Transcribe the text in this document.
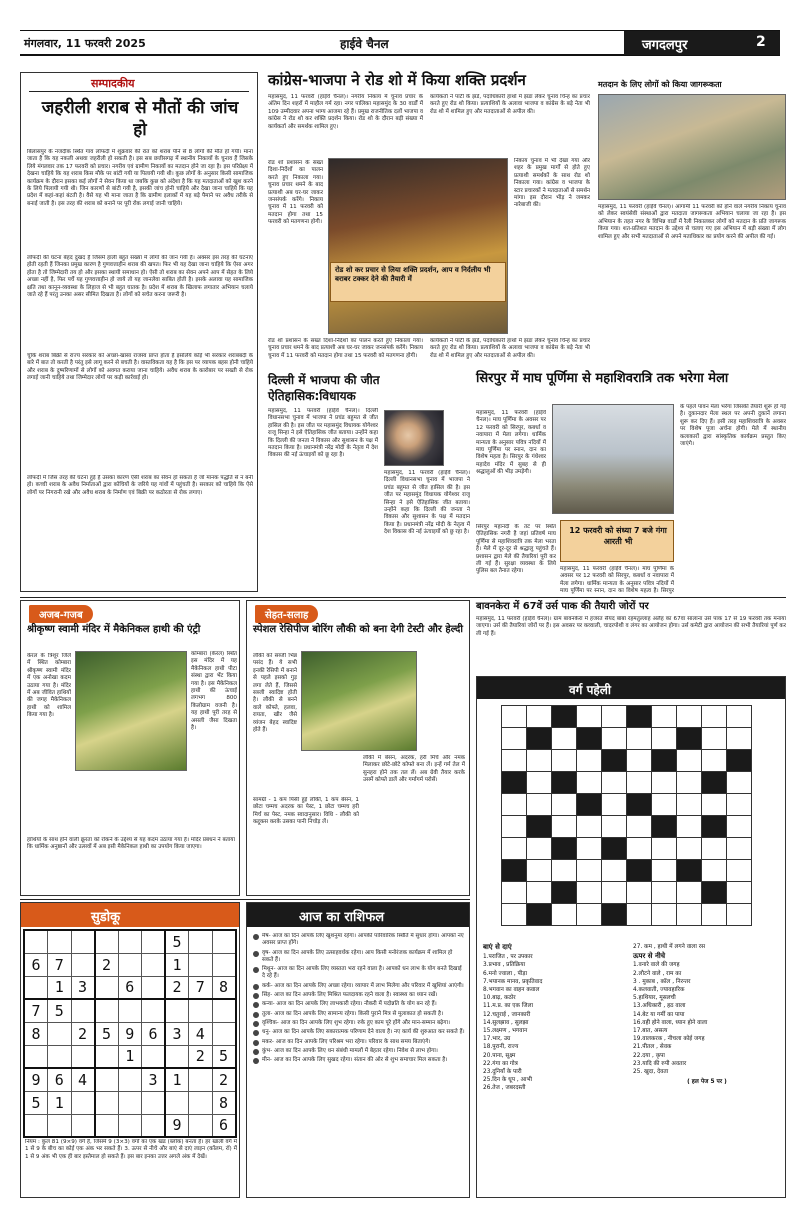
मंगलवार, 11 फरवरी 2025	हाईवे चैनल	जगदलपुर	2
सम्पादकीय
जहरीली शराब से मौतों की जांच हो
बिलासपुर के नजदीक स्थित गांव लोफंदी में शुक्रवार की रात को शराब पीने से 8 लोगों की मौत हो गयी। माना जाता है कि यह नकली अथवा जहरीली हो सकती है। इस सब छत्तीसगढ़ में स्थानीय निकायों के चुनाव हैं जिसके लिये मंगलवार तक 17 फरवरी को प्रचार। नगरीय एवं ग्रामीण निकायों का मतदान होने जा रहा है। इस परिप्रेक्ष्य में देखना चाहिये कि यह शराब किस मौके पर बांटी गयी या पिलायी गयी थी। कुछ लोगों के अनुसार किसी सामाजिक कार्यक्रम के दौरान इसका कई लोगों ने सेवन किया था जबकि कुछ को अंदेशा है कि यह मतदाताओं को खुश करने के लिये पिलायी गयी थी। जिन कारणों से बांटी गयी है, इसकी जांच होनी चाहिये और देखा जाना चाहिये कि यह प्रदेश में कहां-कहां बंटती है। वैसे यह भी माना जाता है कि ग्रामीण इलाकों में यह बड़े पैमाने पर अवैध तरीके से बनाई जाती है। इस तरह की शराब को बनाने पर पूरी रोक लगाई जानी चाहिये।
लोफंदी की घटना बेहद दुखद है जिसमें हाली बहुत संख्या में लोगों की जान गयी है। अक्सर इस तरह की घटनाएं होती रहती हैं जिनका प्रमुख कारण है गुणवत्ताहीन शराब की खपत। फिर भी यह देखा जाना चाहिये कि ऐसा अगर होता है तो जिम्मेदारी तय हो और इसका स्थायी समाधान हो। ऐसी तो शराब का सेवन अपने आप में सेहत के लिये अच्छा नहीं है, फिर पर्चे यह गुणवत्ताहीन हो जाये तो यह जानलेवा साबित होती है। इसके अलावा यह सामाजिक क्षति तथा कानून-व्यवस्था के लिहाज से भी बहुत घातक है। प्रदेश में शराब के खिलाफ लगातार अभियान चलाये जाते रहे हैं परंतु उनका असर सीमित दिखता है। लोगों को सचेत करना जरूरी है।
चूंकि शराब बिक्री से राज्य सरकार को अच्छा-खासा राजस्व प्राप्त होता है इसलिये कोई भी सरकार शराबबंदी के बारे में बात तो करती है परंतु इसे लागू करने से बचती है। वास्तविकता यह है कि इस पर व्यापक बहस होनी चाहिये और शराब के दुष्परिणामों से लोगों को अवगत कराया जाना चाहिये। अवैध शराब के कारोबार पर सख्ती से रोक लगाई जानी चाहिये तथा जिम्मेदार लोगों पर कड़ी कार्रवाई हो।
लोफंदी में जिस तरह की घटना हुई है उसका कारण ऐसी शराब का सेवन हो सकता है जो मानक पद्धति से न बनी हो। कच्ची शराब के अवैध निर्माताओं द्वारा कोचियों के जरिये यह गांवों में पहुंचती है। सरकार को चाहिये कि ऐसे लोगों पर निगरानी रखे और अवैध शराब के निर्माण एवं बिक्री पर कठोरता से रोक लगाए।
कांग्रेस-भाजपा ने रोड शो में किया शक्ति प्रदर्शन
महासमुंद, 11 फरवरी (हाईवे चैनल)। नगरीय निकाय में चुनाव प्रचार के अंतिम दिन शहरों में माहौल गर्म रहा। नगर पालिका महासमुंद के 30 वार्डों में 109 उम्मीदवार अपना भाग्य आजमा रहे हैं। प्रमुख राजनीतिक दलों भाजपा व कांग्रेस ने रोड शो कर शक्ति प्रदर्शन किया। रोड शो के दौरान बड़ी संख्या में कार्यकर्ता और समर्थक शामिल हुए।
कार्यकर्ता ने पार्टी के झंडे, पदाधिकारी हाथों में झंडा लेकर चुनाव चिन्ह का प्रचार करते हुए रोड शो किया। प्रत्याशियों के अलावा भाजपा व कांग्रेस के बड़े नेता भी रोड शो में शामिल हुए और मतदाताओं से अपील की।
रोड शो प्रशासन के सख्त दिशा-निर्देशों का पालन करते हुए निकाला गया। चुनाव प्रचार थमने के बाद प्रत्याशी अब घर-घर जाकर जनसंपर्क करेंगे। निकाय चुनाव में 11 फरवरी को मतदान होगा तथा 15 फरवरी को मतगणना होगी।
निकाय चुनाव में भी देखा गया और शहर के प्रमुख मार्गों से होते हुए प्रत्याशी समर्थकों के साथ रोड शो निकाला गया। कांग्रेस व भाजपा के स्टार प्रचारकों ने मतदाताओं से समर्थन मांगा। इस दौरान भीड़ ने जमकर नारेबाजी की।
रोड शो कर प्रचार से लिया शक्ति प्रदर्शन, आप व निर्दलीय भी बराबर टक्कर देने की तैयारी में
कार्यकर्ता ने पार्टी के झंडे, पदाधिकारी हाथों में झंडा लेकर चुनाव चिन्ह का प्रचार करते हुए रोड शो किया। प्रत्याशियों के अलावा भाजपा व कांग्रेस के बड़े नेता भी रोड शो में शामिल हुए और मतदाताओं से अपील की।
रोड शो प्रशासन के सख्त दिशा-निर्देशों का पालन करते हुए निकाला गया। चुनाव प्रचार थमने के बाद प्रत्याशी अब घर-घर जाकर जनसंपर्क करेंगे। निकाय चुनाव में 11 फरवरी को मतदान होगा तथा 15 फरवरी को मतगणना होगी।
मतदान के लिए लोगों को किया जागरूकता
महासमुंद, 11 फरवरी (हाईवे चैनल)। आगामी 11 फरवरी को होने वाले नगरीय निकाय चुनाव को लेकर स्वयंसेवी संस्थाओं द्वारा मतदाता जागरूकता अभियान चलाया जा रहा है। इस अभियान के तहत नगर के विभिन्न वार्डों में रैली निकालकर लोगों को मतदान के प्रति जागरूक किया गया। शत-प्रतिशत मतदान के उद्देश्य से चलाए गए इस अभियान में बड़ी संख्या में लोग शामिल हुए और सभी मतदाताओं से अपने मताधिकार का प्रयोग करने की अपील की गई।
दिल्ली में भाजपा की जीत ऐतिहासिक:विधायक
महासमुंद, 11 फरवरी (हाईवे चैनल)। दिल्ली विधानसभा चुनाव में भाजपा ने प्रचंड बहुमत से जीत हासिल की है। इस जीत पर महासमुंद विधायक योगेश्वर राजू सिन्हा ने इसे ऐतिहासिक जीत बताया। उन्होंने कहा कि दिल्ली की जनता ने विकास और सुशासन के पक्ष में मतदान किया है। प्रधानमंत्री नरेंद्र मोदी के नेतृत्व में देश विकास की नई ऊंचाइयों को छू रहा है।
महासमुंद, 11 फरवरी (हाईवे चैनल)। दिल्ली विधानसभा चुनाव में भाजपा ने प्रचंड बहुमत से जीत हासिल की है। इस जीत पर महासमुंद विधायक योगेश्वर राजू सिन्हा ने इसे ऐतिहासिक जीत बताया। उन्होंने कहा कि दिल्ली की जनता ने विकास और सुशासन के पक्ष में मतदान किया है। प्रधानमंत्री नरेंद्र मोदी के नेतृत्व में देश विकास की नई ऊंचाइयों को छू रहा है।
सिरपुर में माघ पूर्णिमा से महाशिवरात्रि तक भरेगा मेला
महासमुंद, 11 फरवरी (हाईवे चैनल)। माघ पूर्णिमा के अवसर पर 12 फरवरी को सिरपुर, कबर्धा व नवापारा में मेला लगेगा। धार्मिक मान्यता के अनुसार पवित्र नदियों में माघ पूर्णिमा पर स्नान, दान का विशेष महत्व है। सिरपुर के गंधेश्वर महादेव मंदिर में सुबह से ही श्रद्धालुओं की भीड़ उमड़ेगी।
के पहले पावन मेला भरेगा जिसकी तैयारी शुरू हो गई है। दुकानदार मेला स्थल पर अपनी दुकानें लगाना शुरू कर दिए हैं। इसी तरह महाशिवरात्रि के अवसर पर विशेष पूजा अर्चना होगी। मेले में स्थानीय कलाकारों द्वारा सांस्कृतिक कार्यक्रम प्रस्तुत किए जाएंगे।
12 फरवरी को संध्या 7 बजे गंगा आरती भी
सिरपुर महानदी के तट पर स्थित ऐतिहासिक नगरी है जहां प्रतिवर्ष माघ पूर्णिमा से महाशिवरात्रि तक मेला भरता है। मेले में दूर-दूर से श्रद्धालु पहुंचते हैं। प्रशासन द्वारा मेले की तैयारियां पूरी कर ली गई हैं। सुरक्षा व्यवस्था के लिये पुलिस बल तैनात रहेगा।	महासमुंद, 11 फरवरी (हाईवे चैनल)। माघ पूर्णिमा के अवसर पर 12 फरवरी को सिरपुर, कबर्धा व नवापारा में मेला लगेगा। धार्मिक मान्यता के अनुसार पवित्र नदियों में माघ पूर्णिमा पर स्नान, दान का विशेष महत्व है। सिरपुर
बावनकेरा में 67वें उर्स पाक की तैयारी जोरों पर
महासमुंद, 11 फरवरी (हाईवे चैनल)। ग्राम बावनकेरा में हजरत सैयद बाबा रहमतुल्लाह अलैह का 67वां सालाना उर्स पाक 17 से 19 फरवरी तक मनाया जाएगा। उर्स की तैयारियां जोरों पर हैं। इस अवसर पर कव्वाली, चादरपोशी व लंगर का आयोजन होगा। उर्स कमेटी द्वारा आयोजन की सभी तैयारियां पूर्ण कर ली गई हैं।
अजब-गजब
श्रीकृष्ण स्वामी मंदिर में मैकेनिकल हाथी की एंट्री
केरल के त्रिशूर जिले में स्थित कोम्बारा श्रीकृष्ण स्वामी मंदिर में एक अनोखा कदम उठाया गया है। मंदिर में अब जीवित हाथियों की जगह मैकेनिकल हाथी को शामिल किया गया है।
कोम्बारा (केरल) स्थित इस मंदिर में यह मैकेनिकल हाथी पीटा संस्था द्वारा भेंट किया गया है। इस मैकेनिकल हाथी की ऊंचाई लगभग 800 किलोग्राम वजनी है। यह हाथी पूरी तरह से असली जैसा दिखता है।
हाथियों के साथ होने वाली क्रूरता को रोकने के उद्देश्य से यह कदम उठाया गया है। मंदिर प्रबंधन ने बताया कि धार्मिक अनुष्ठानों और उत्सवों में अब इसी मैकेनिकल हाथी का उपयोग किया जाएगा।
सेहत-सलाह
स्पेशल रेसिपीज बोरिंग लौकी को बना देगी टेस्टी और हेल्दी
लौकी को सब्जी भिन्न पसंद हैं। ये सभी इनकी रेसिपी में बनाने से पहले इसको गुड़ लगा लेते हैं, जिससे सब्जी स्वादिष्ट होती है। लौकी से बनने वाले कोफ्ते, हलवा, रायता, खीर जैसे व्यंजन बेहद स्वादिष्ट होते हैं।
सामग्री - 1 कप पिसी हुई लौकी, 1 कप बेसन, 1 छोटा चम्मच अदरक का पेस्ट, 1 छोटा चम्मच हरी मिर्च का पेस्ट, नमक स्वादानुसार। विधि - लौकी को कद्दूकस करके उसका पानी निचोड़ लें।
लौकी में बेसन, अदरक, हरी मिर्च और नमक मिलाकर छोटे-छोटे कोफ्ते बना लें। इन्हें गर्म तेल में सुनहरा होने तक तल लें। अब ग्रेवी तैयार करके उसमें कोफ्ते डालें और गर्मागर्म परोसें।
वर्ग पहेली

बाएं से दाएं
1.पराजित , पर उपकार
3.प्रभाव , प्रतिक्रिया
6.मनो ज्वाला , पीड़ा
7.भयानक मानव, प्रकृतिवाद
8.भगवान का वाहन कवाल
10.बाढ़, कठोर
11.म.प्र. का एक जिला
12.चतुराई , जानकारी
14.सुलझाव , सुलझा
15.लक्ष्मण , भगवान
17.भार, उग्र
18.पुरानी, राज्य
20.पाना, सूक्ष्म
22.गंगा का गोत्र
23.दुनियाँ के पारी
25.दिन के धूप , आभी
26.तेज , जबरदस्ती
27. कम , हाथी में लगने वाला रस
ऊपर से नीचे
1.वनारे वाले की जगह
2.लौटने वाले , राम का
3 . मुकाब , कॉल , निरन्तर
4.कलवाती, ज्यावहारिक
5.हाथियार, मूसलची
13.अधिकारी , हठ वाला
14.बेट या गर्मी का पाया
16.वही होने वाला, ध्यान होने वाला
17.बात, असत्य
19.वालकरक , नीचला कोई जगह
21.पीतल , सेवक
22.दया , कृपा
23.यादि की रुपी अवतार
25. खुदा, देवता
( हल पेज 5 पर )
सुडोकू
						5		
6	7		2			1		
	1	3		6		2	7	8
7	5							
8		2	5	9	6	3	4	
				1			2	5
9	6	4			3	1		2
5	1							8
						9		6
नियम : कुल 81 (9×9) वर्ग हैं, जिसमें 9 (3×3) वर्गों का एक खंड (ब्लॉक) बनता है। हर खाली वर्ग में 1 से 9 के बीच का कोई एक अंक भर सकते हैं। 3. ऊपर से नीचे और बाएं से दाएं लाइन (कॉलम, रॉ) में 1 से 9 अंक भी एक ही बार इस्तेमाल हो सकते हैं। इस बार इनका उत्तर अगले अंक में देखें।
आज का राशिफल
मेष- आज का दिन आपके लिए खुशनुमा रहेगा। आपकी पारिवारिक स्थिति में सुधार होगा। आपको नए अवसर प्राप्त होंगे।
वृष- आज का दिन आपके लिए उत्साहवर्धक रहेगा। आप किसी मनोरंजक कार्यक्रम में शामिल हो सकते हैं।
मिथुन- आज का दिन आपके लिए व्यस्तता भरा रहने वाला है। आपको धन लाभ के योग बनते दिखाई दे रहे हैं।
कर्क- आज का दिन आपके लिए अच्छा रहेगा। व्यापार में लाभ मिलेगा और परिवार में खुशियां आएंगी।
सिंह- आज का दिन आपके लिए मिश्रित फलदायक रहने वाला है। स्वास्थ्य का ध्यान रखें।
कन्या- आज का दिन आपके लिए लाभकारी रहेगा। नौकरी में पदोन्नति के योग बन रहे हैं।
तुला- आज का दिन आपके लिए सामान्य रहेगा। किसी पुराने मित्र से मुलाकात हो सकती है।
वृश्चिक- आज का दिन आपके लिए शुभ रहेगा। रुके हुए काम पूरे होंगे और मान-सम्मान बढ़ेगा।
धनु- आज का दिन आपके लिए सकारात्मक परिणाम देने वाला है। नए कार्य की शुरुआत कर सकते हैं।
मकर- आज का दिन आपके लिए परिश्रम भरा रहेगा। परिवार के साथ समय बिताएंगे।
कुंभ- आज का दिन आपके लिए धन संबंधी मामलों में बेहतर रहेगा। निवेश से लाभ होगा।
मीन- आज का दिन आपके लिए सुखद रहेगा। संतान की ओर से शुभ समाचार मिल सकता है।
